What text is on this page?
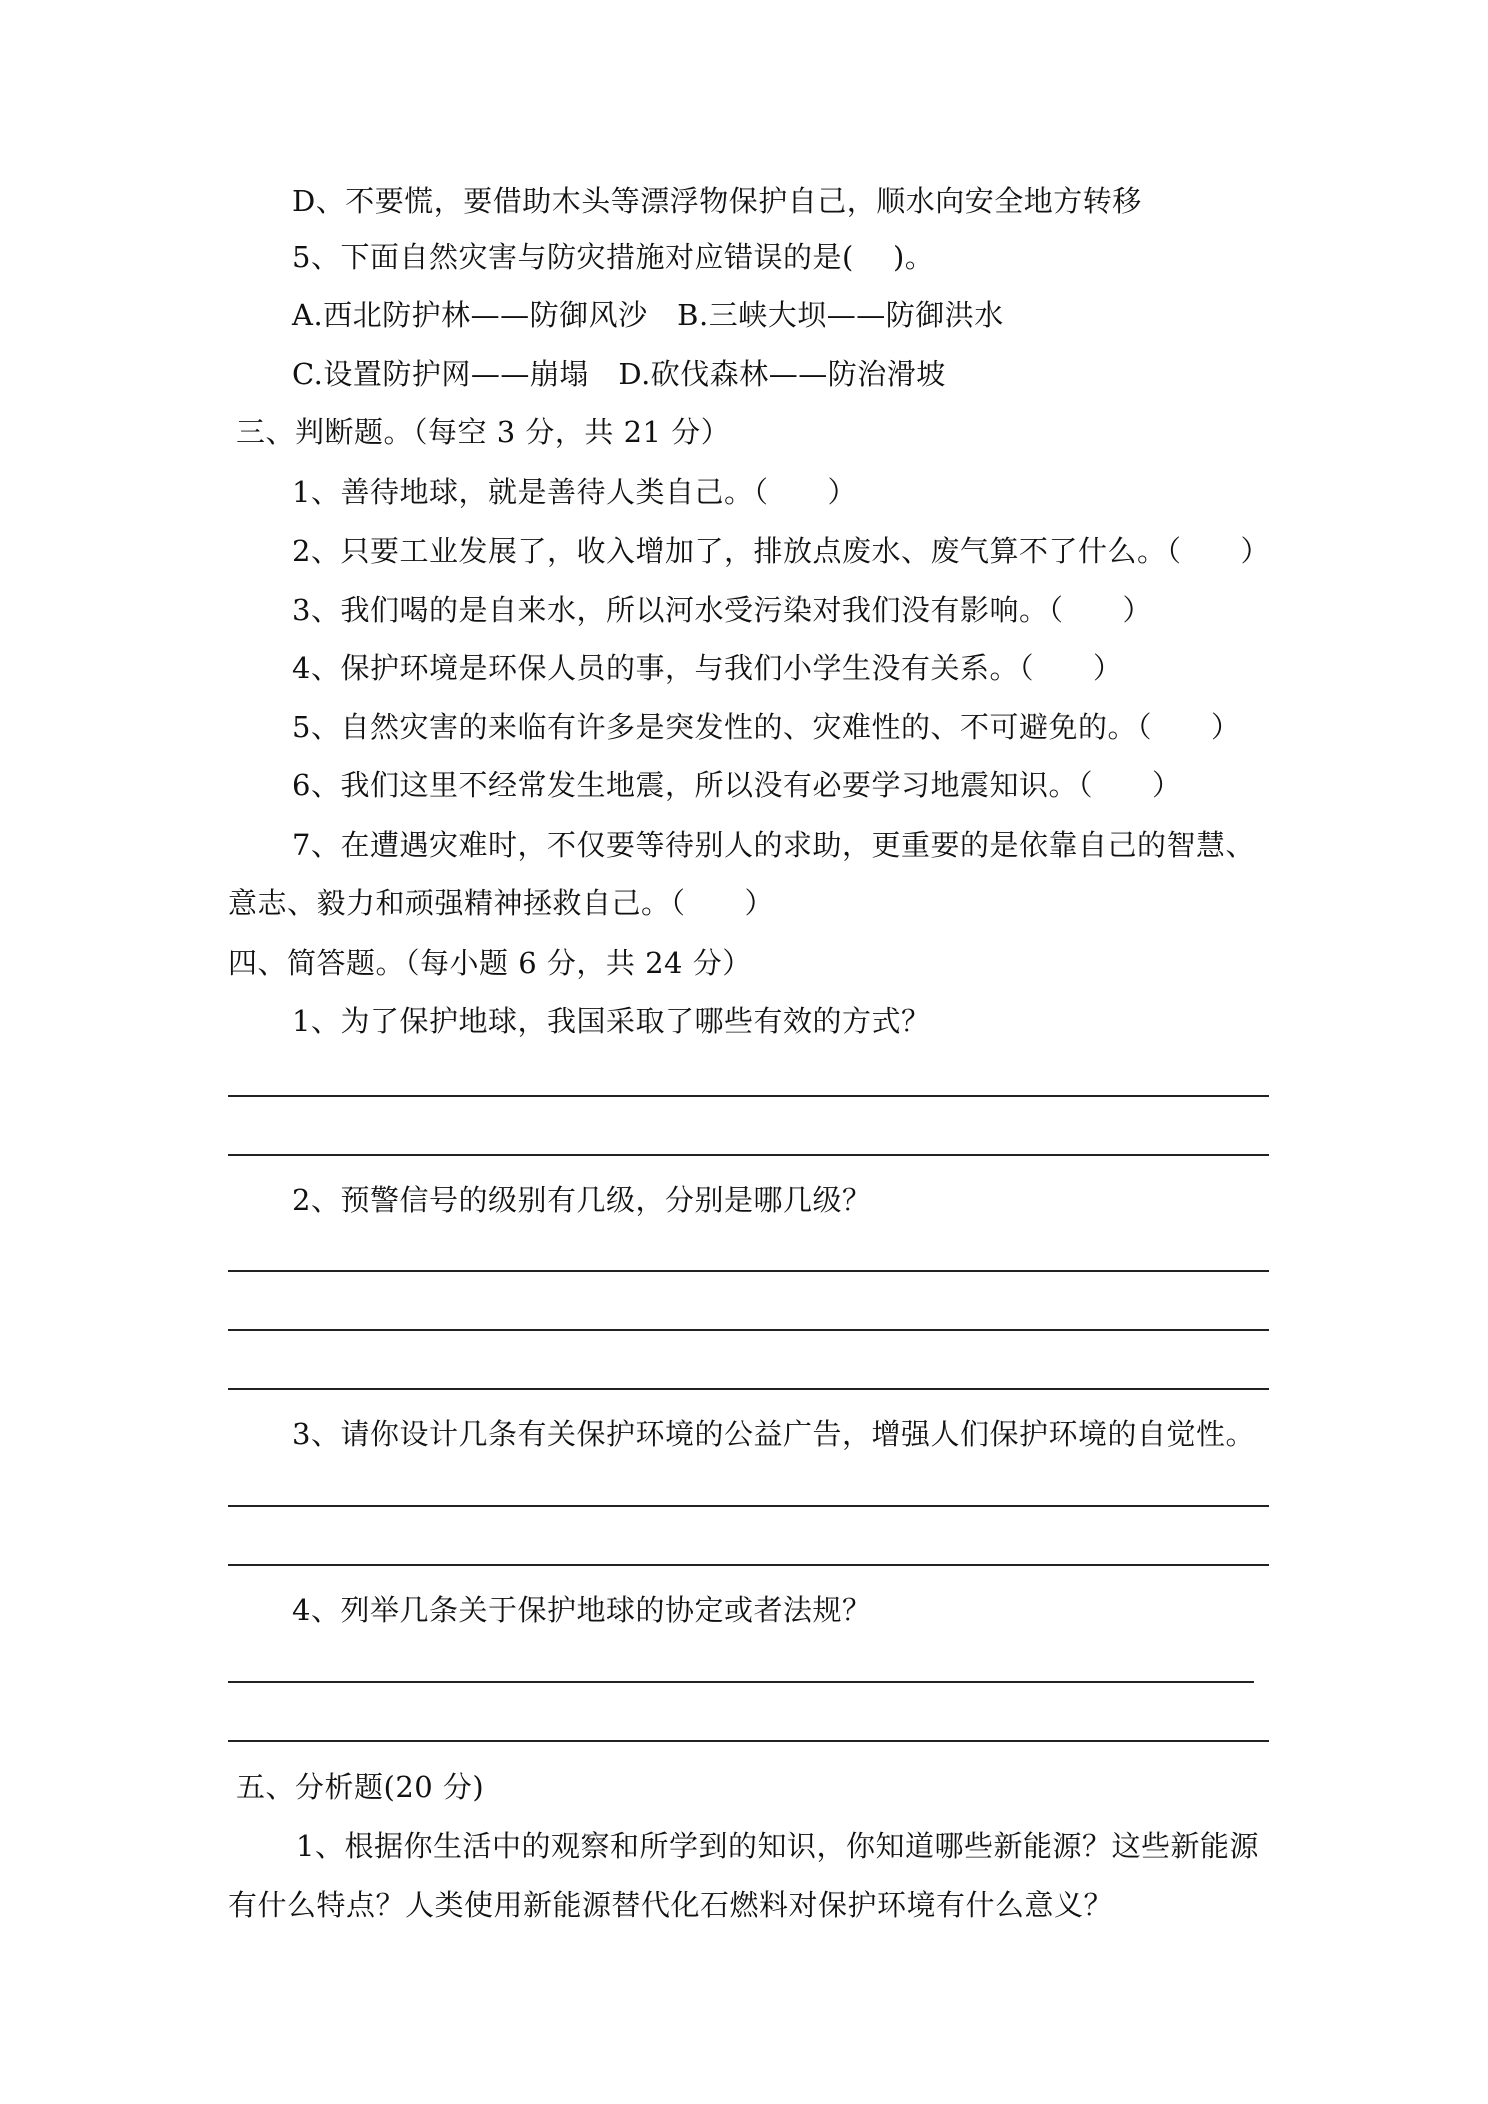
D、不要慌，要借助木头等漂浮物保护自己，顺水向安全地方转移
5、下面自然灾害与防灾措施对应错误的是(　 )。
A.西北防护林——防御风沙　B.三峡大坝——防御洪水
C.设置防护网——崩塌　D.砍伐森林——防治滑坡
三、判断题。（每空 3 分，共 21 分）
1、善待地球，就是善待人类自己。（　　）
2、只要工业发展了，收入增加了，排放点废水、废气算不了什么。（　　）
3、我们喝的是自来水，所以河水受污染对我们没有影响。（　　）
4、保护环境是环保人员的事，与我们小学生没有关系。（　　）
5、自然灾害的来临有许多是突发性的、灾难性的、不可避免的。（　　）
6、我们这里不经常发生地震，所以没有必要学习地震知识。（　　）
7、在遭遇灾难时，不仅要等待别人的求助，更重要的是依靠自己的智慧、
意志、毅力和顽强精神拯救自己。（　　）
四、简答题。（每小题 6 分，共 24 分）
1、为了保护地球，我国采取了哪些有效的方式？
2、预警信号的级别有几级，分别是哪几级？
3、请你设计几条有关保护环境的公益广告，增强人们保护环境的自觉性。
4、列举几条关于保护地球的协定或者法规？
五、分析题(20 分)
1、根据你生活中的观察和所学到的知识，你知道哪些新能源？这些新能源
有什么特点？人类使用新能源替代化石燃料对保护环境有什么意义？
